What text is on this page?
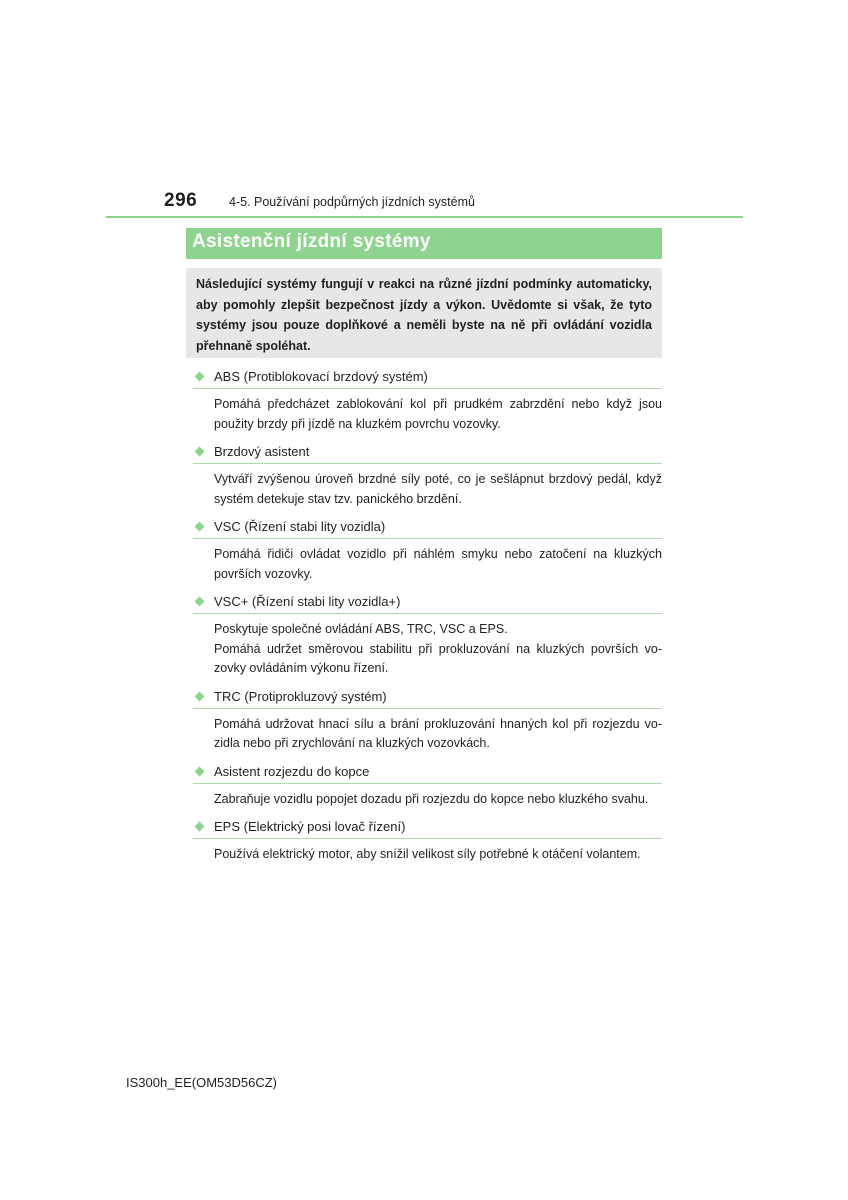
296	4-5. Používání podpůrných jízdních systémů
Asistenční jízdní systémy
Následující systémy fungují v reakci na různé jízdní podmínky automaticky, aby pomohly zlepšit bezpečnost jízdy a výkon. Uvědomte si však, že tyto systémy jsou pouze doplňkové a neměli byste na ně při ovládání vozidla přehnaně spoléhat.
ABS (Protiblokovací brzdový systém)

Pomáhá předcházet zablokování kol při prudkém zabrzdění nebo když jsou použity brzdy při jízdě na kluzkém povrchu vozovky.

Brzdový asistent

Vytváří zvýšenou úroveň brzdné síly poté, co je sešlápnut brzdový pedál, když systém detekuje stav tzv. panického brzdění.

VSC (Řízení stabi lity vozidla)

Pomáhá řidiči ovládat vozidlo při náhlém smyku nebo zatočení na kluzkých površích vozovky.

VSC+ (Řízení stabi lity vozidla+)

Poskytuje společné ovládání ABS, TRC, VSC a EPS.

Pomáhá udržet směrovou stabilitu při prokluzování na kluzkých površích vozovky ovládáním výkonu řízení.

TRC (Protiprokluzový systém)

Pomáhá udržovat hnací sílu a brání prokluzování hnaných kol při rozjezdu vozidla nebo při zrychlování na kluzkých vozovkách.

Asistent rozjezdu do kopce

Zabraňuje vozidlu popojet dozadu při rozjezdu do kopce nebo kluzkého svahu.

EPS (Elektrický posi lovač řízení)

Používá elektrický motor, aby snížil velikost síly potřebné k otáčení volantem.

IS300h_EE(OM53D56CZ)
